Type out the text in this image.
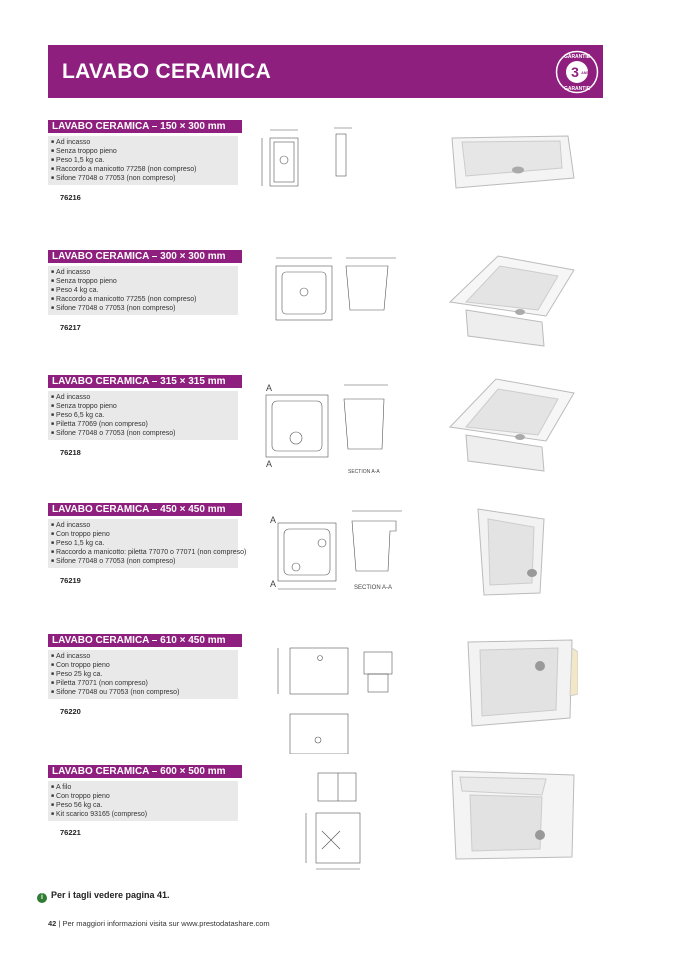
LAVABO CERAMICA	3 ANS
GARANTIE
GARANTIE
LAVABO CERAMICA – 150 × 300 mm
■ Ad incasso
■ Senza troppo pieno
■ Peso 1,5 kg ca.
■ Raccordo a manicotto 77258 (non compreso)
■ Sifone 77048 o 77053 (non compreso)
76216
LAVABO CERAMICA – 300 × 300 mm
■ Ad incasso
■ Senza troppo pieno
■ Peso 4 kg ca.
■ Raccordo a manicotto 77255 (non compreso)
■ Sifone 77048 o 77053 (non compreso)
76217
LAVABO CERAMICA – 315 × 315 mm
■ Ad incasso
■ Senza troppo pieno
■ Peso 6,5 kg ca.
■ Piletta 77069 (non compreso)
■ Sifone 77048 o 77053 (non compreso)
76218
A
A
SECTION A-A
LAVABO CERAMICA – 450 × 450 mm
■ Ad incasso
■ Con troppo pieno
■ Peso 1,5 kg ca.
■ Raccordo a manicotto: piletta 77070 o 77071 (non compreso)
■ Sifone 77048 o 77053 (non compreso)
76219
A
A	SECTION A-A
LAVABO CERAMICA – 610 × 450 mm
■ Ad incasso
■ Con troppo pieno
■ Peso 25 kg ca.
■ Piletta 77071 (non compreso)
■ Sifone 77048 ou 77053 (non compreso)
76220
LAVABO CERAMICA – 600 × 500 mm
■ A filo
■ Con troppo pieno
■ Peso 56 kg ca.
■ Kit scarico 93165 (compreso)
76221
i Per i tagli vedere pagina 41.
42 | Per maggiori informazioni visita sur www.prestodatashare.com
